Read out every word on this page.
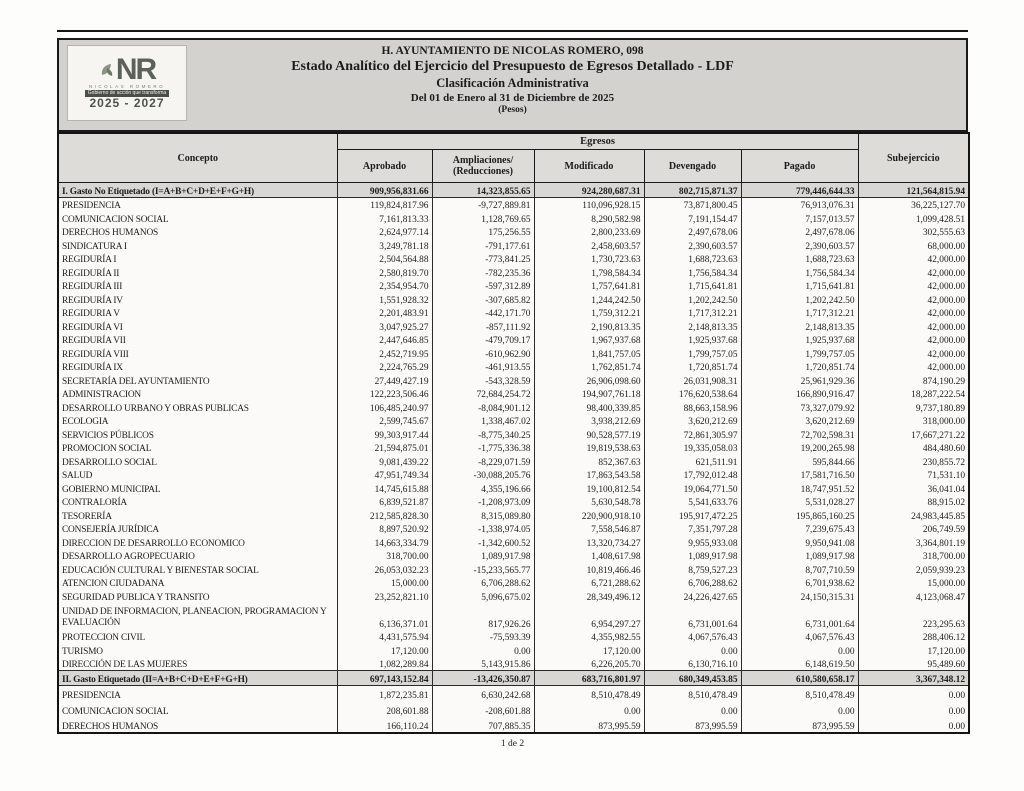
NR
NICOLAS ROMERO
Gobierno de acción que transforma
2025 - 2027
H. AYUNTAMIENTO DE NICOLAS ROMERO, 098
Estado Analítico del Ejercicio del Presupuesto de Egresos Detallado - LDF
Clasificación Administrativa
Del 01 de Enero al 31 de Diciembre de 2025
(Pesos)
Concepto	Egresos					Subejercicio
	Aprobado	Ampliaciones/ (Reducciones)	Modificado	Devengado	Pagado	
I. Gasto No Etiquetado (I=A+B+C+D+E+F+G+H)	909,956,831.66	14,323,855.65	924,280,687.31	802,715,871.37	779,446,644.33	121,564,815.94
PRESIDENCIA	119,824,817.96	-9,727,889.81	110,096,928.15	73,871,800.45	76,913,076.31	36,225,127.70
COMUNICACION SOCIAL	7,161,813.33	1,128,769.65	8,290,582.98	7,191,154.47	7,157,013.57	1,099,428.51
DERECHOS HUMANOS	2,624,977.14	175,256.55	2,800,233.69	2,497,678.06	2,497,678.06	302,555.63
SINDICATURA I	3,249,781.18	-791,177.61	2,458,603.57	2,390,603.57	2,390,603.57	68,000.00
REGIDURÍA I	2,504,564.88	-773,841.25	1,730,723.63	1,688,723.63	1,688,723.63	42,000.00
REGIDURÍA II	2,580,819.70	-782,235.36	1,798,584.34	1,756,584.34	1,756,584.34	42,000.00
REGIDURÍA III	2,354,954.70	-597,312.89	1,757,641.81	1,715,641.81	1,715,641.81	42,000.00
REGIDURÍA IV	1,551,928.32	-307,685.82	1,244,242.50	1,202,242.50	1,202,242.50	42,000.00
REGIDURIA V	2,201,483.91	-442,171.70	1,759,312.21	1,717,312.21	1,717,312.21	42,000.00
REGIDURÍA VI	3,047,925.27	-857,111.92	2,190,813.35	2,148,813.35	2,148,813.35	42,000.00
REGIDURÍA VII	2,447,646.85	-479,709.17	1,967,937.68	1,925,937.68	1,925,937.68	42,000.00
REGIDURÍA VIII	2,452,719.95	-610,962.90	1,841,757.05	1,799,757.05	1,799,757.05	42,000.00
REGIDURÍA IX	2,224,765.29	-461,913.55	1,762,851.74	1,720,851.74	1,720,851.74	42,000.00
SECRETARÍA DEL AYUNTAMIENTO	27,449,427.19	-543,328.59	26,906,098.60	26,031,908.31	25,961,929.36	874,190.29
ADMINISTRACION	122,223,506.46	72,684,254.72	194,907,761.18	176,620,538.64	166,890,916.47	18,287,222.54
DESARROLLO URBANO Y OBRAS PUBLICAS	106,485,240.97	-8,084,901.12	98,400,339.85	88,663,158.96	73,327,079.92	9,737,180.89
ECOLOGIA	2,599,745.67	1,338,467.02	3,938,212.69	3,620,212.69	3,620,212.69	318,000.00
SERVICIOS PÚBLICOS	99,303,917.44	-8,775,340.25	90,528,577.19	72,861,305.97	72,702,598.31	17,667,271.22
PROMOCION SOCIAL	21,594,875.01	-1,775,336.38	19,819,538.63	19,335,058.03	19,200,265.98	484,480.60
DESARROLLO SOCIAL	9,081,439.22	-8,229,071.59	852,367.63	621,511.91	595,844.66	230,855.72
SALUD	47,951,749.34	-30,088,205.76	17,863,543.58	17,792,012.48	17,581,716.50	71,531.10
GOBIERNO MUNICIPAL	14,745,615.88	4,355,196.66	19,100,812.54	19,064,771.50	18,747,951.52	36,041.04
CONTRALORÍA	6,839,521.87	-1,208,973.09	5,630,548.78	5,541,633.76	5,531,028.27	88,915.02
TESORERÍA	212,585,828.30	8,315,089.80	220,900,918.10	195,917,472.25	195,865,160.25	24,983,445.85
CONSEJERÍA JURÍDICA	8,897,520.92	-1,338,974.05	7,558,546.87	7,351,797.28	7,239,675.43	206,749.59
DIRECCION DE DESARROLLO ECONOMICO	14,663,334.79	-1,342,600.52	13,320,734.27	9,955,933.08	9,950,941.08	3,364,801.19
DESARROLLO AGROPECUARIO	318,700.00	1,089,917.98	1,408,617.98	1,089,917.98	1,089,917.98	318,700.00
EDUCACIÓN CULTURAL Y BIENESTAR SOCIAL	26,053,032.23	-15,233,565.77	10,819,466.46	8,759,527.23	8,707,710.59	2,059,939.23
ATENCION CIUDADANA	15,000.00	6,706,288.62	6,721,288.62	6,706,288.62	6,701,938.62	15,000.00
SEGURIDAD PUBLICA Y TRANSITO	23,252,821.10	5,096,675.02	28,349,496.12	24,226,427.65	24,150,315.31	4,123,068.47
UNIDAD DE INFORMACION, PLANEACION, PROGRAMACION Y EVALUACIÓN	6,136,371.01	817,926.26	6,954,297.27	6,731,001.64	6,731,001.64	223,295.63
PROTECCION CIVIL	4,431,575.94	-75,593.39	4,355,982.55	4,067,576.43	4,067,576.43	288,406.12
TURISMO	17,120.00	0.00	17,120.00	0.00	0.00	17,120.00
DIRECCIÓN DE LAS MUJERES	1,082,289.84	5,143,915.86	6,226,205.70	6,130,716.10	6,148,619.50	95,489.60
II. Gasto Etiquetado (II=A+B+C+D+E+F+G+H)	697,143,152.84	-13,426,350.87	683,716,801.97	680,349,453.85	610,580,658.17	3,367,348.12
PRESIDENCIA	1,872,235.81	6,630,242.68	8,510,478.49	8,510,478.49	8,510,478.49	0.00
COMUNICACION SOCIAL	208,601.88	-208,601.88	0.00	0.00	0.00	0.00
DERECHOS HUMANOS	166,110.24	707,885.35	873,995.59	873,995.59	873,995.59	0.00
1 de 2
